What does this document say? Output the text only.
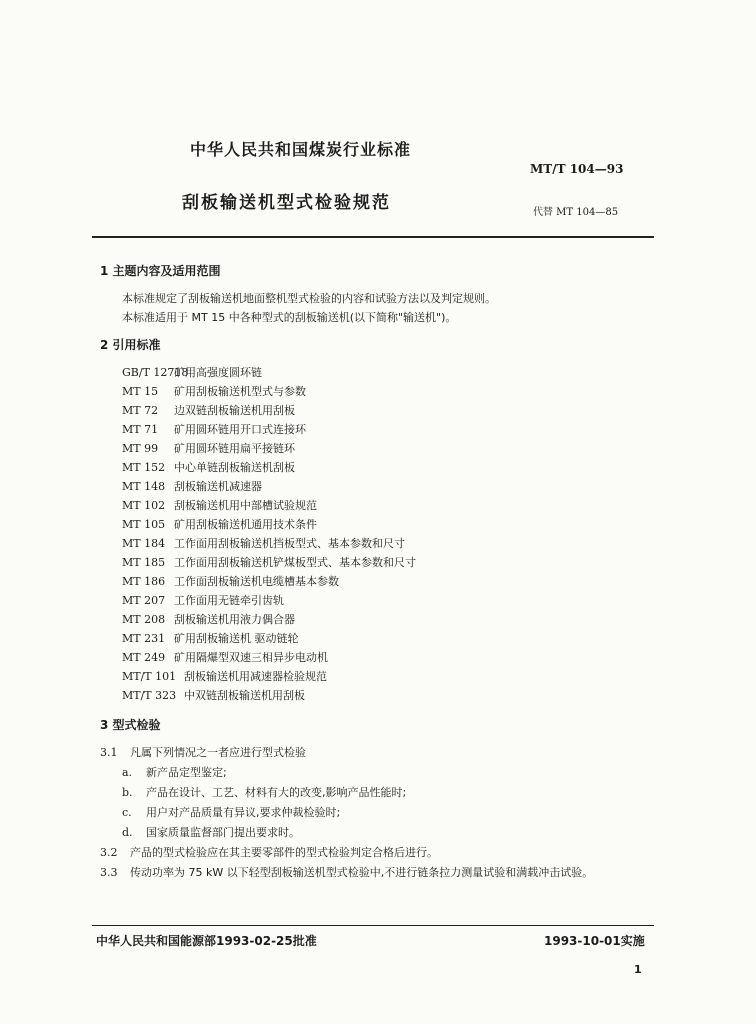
中华人民共和国煤炭行业标准
MT/T 104—93
刮板输送机型式检验规范	代替 MT 104—85
1 主题内容及适用范围
本标准规定了刮板输送机地面整机型式检验的内容和试验方法以及判定规则。
本标准适用于 MT 15 中各种型式的刮板输送机(以下简称"输送机")。
2 引用标准
GB/T 12718矿用高强度圆环链
MT 15 矿用刮板输送机型式与参数
MT 72 边双链刮板输送机用刮板
MT 71 矿用圆环链用开口式连接环
MT 99 矿用圆环链用扁平接链环
MT 152 中心单链刮板输送机刮板
MT 148 刮板输送机减速器
MT 102 刮板输送机用中部槽试验规范
MT 105 矿用刮板输送机通用技术条件
MT 184 工作面用刮板输送机挡板型式、基本参数和尺寸
MT 185 工作面用刮板输送机铲煤板型式、基本参数和尺寸
MT 186 工作面刮板输送机电缆槽基本参数
MT 207 工作面用无链牵引齿轨
MT 208 刮板输送机用液力偶合器
MT 231 矿用刮板输送机 驱动链轮
MT 249 矿用隔爆型双速三相异步电动机
MT/T 101 刮板输送机用减速器检验规范
MT/T 323 中双链刮板输送机用刮板
3 型式检验
3.1 凡属下列情况之一者应进行型式检验
a. 新产品定型鉴定;
b. 产品在设计、工艺、材料有大的改变,影响产品性能时;
c. 用户对产品质量有异议,要求仲裁检验时;
d. 国家质量监督部门提出要求时。
3.2 产品的型式检验应在其主要零部件的型式检验判定合格后进行。
3.3 传动功率为 75 kW 以下轻型刮板输送机型式检验中,不进行链条拉力测量试验和满载冲击试验。
中华人民共和国能源部1993-02-25批准	1993-10-01实施
1
